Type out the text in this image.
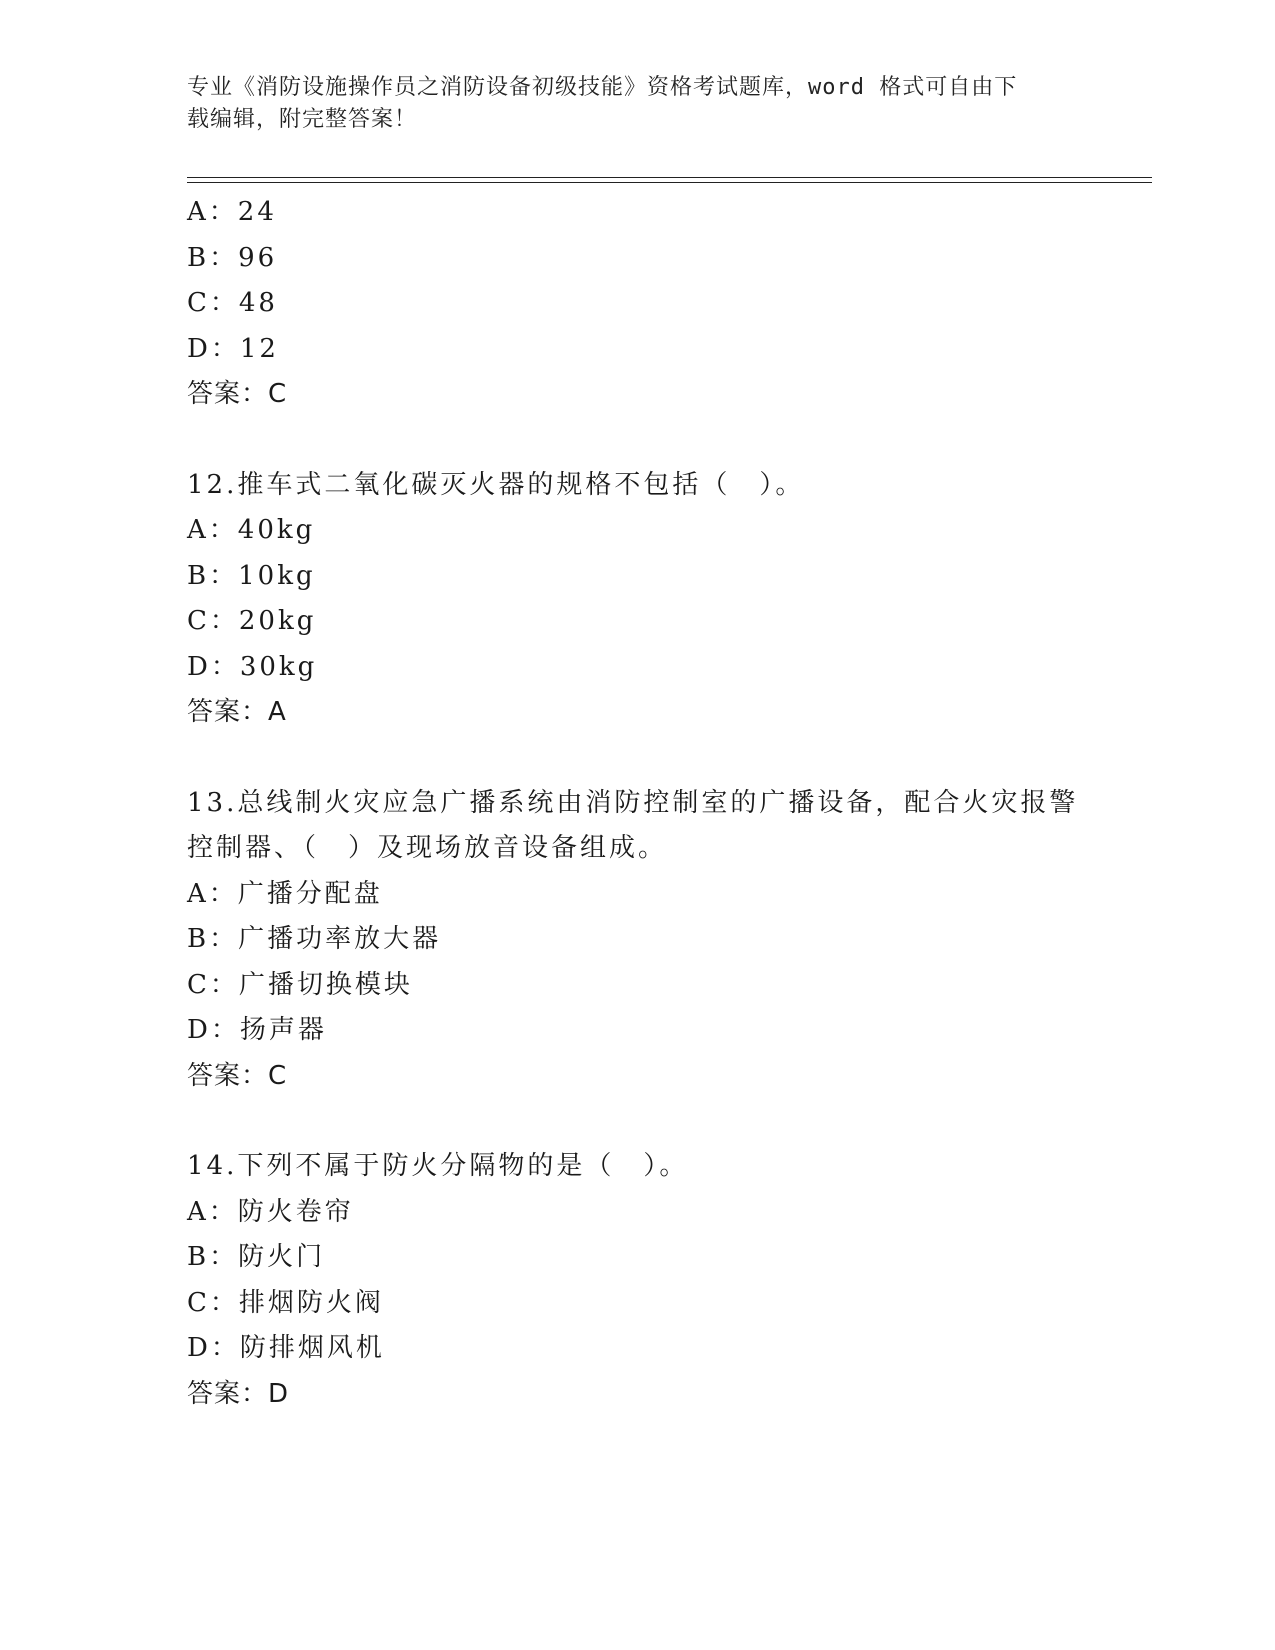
专业《消防设施操作员之消防设备初级技能》资格考试题库，word 格式可自由下
载编辑，附完整答案！
A：24
B：96
C：48
D：12
答案：C
12.推车式二氧化碳灭火器的规格不包括（　）。
A：40kg
B：10kg
C：20kg
D：30kg
答案：A
13.总线制火灾应急广播系统由消防控制室的广播设备，配合火灾报警
控制器、（　）及现场放音设备组成。
A：广播分配盘
B：广播功率放大器
C：广播切换模块
D：扬声器
答案：C
14.下列不属于防火分隔物的是（　）。
A：防火卷帘
B：防火门
C：排烟防火阀
D：防排烟风机
答案：D
